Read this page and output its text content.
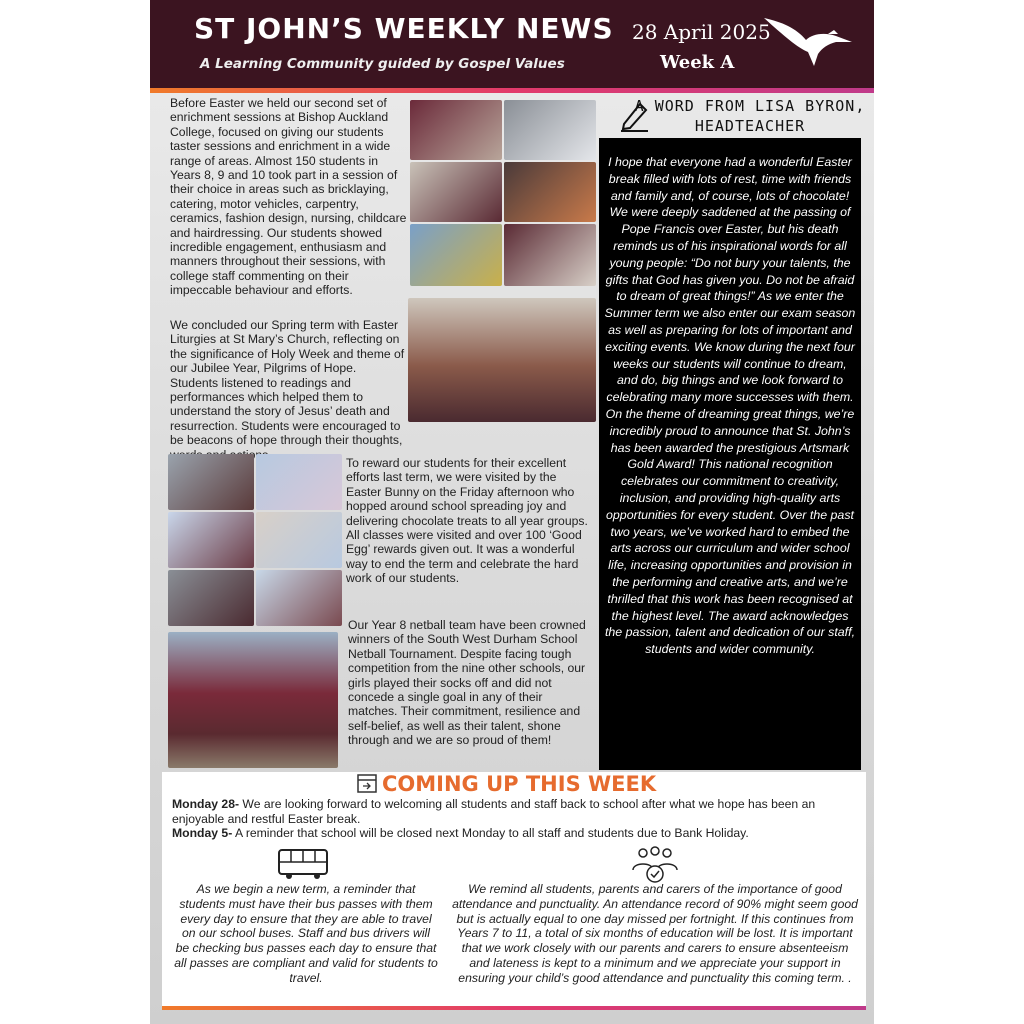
ST JOHN’S WEEKLY NEWS
A Learning Community guided by Gospel Values
28 April 2025
Week A
Before Easter we held our second set of enrichment sessions at Bishop Auckland College, focused on giving our students taster sessions and enrichment in a wide range of areas. Almost 150 students in Years 8, 9 and 10 took part in a session of their choice in areas such as bricklaying, catering, motor vehicles, carpentry, ceramics, fashion design, nursing, childcare and hairdressing. Our students showed incredible engagement, enthusiasm and manners throughout their sessions, with college staff commenting on their impeccable behaviour and efforts.
We concluded our Spring term with Easter Liturgies at St Mary’s Church, reflecting on the significance of Holy Week and theme of our Jubilee Year, Pilgrims of Hope. Students listened to readings and performances which helped them to understand the story of Jesus’ death and resurrection. Students were encouraged to be beacons of hope through their thoughts,
To reward our students for their excellent efforts last term, we were visited by the Easter Bunny on the Friday afternoon who hopped around school spreading joy and delivering chocolate treats to all year groups. All classes were visited and over 100 ‘Good Egg’ rewards given out. It was a wonderful way to end the term and celebrate the hard work of our students.
Our Year 8 netball team have been crowned winners of the South West Durham School Netball Tournament. Despite facing tough competition from the nine other schools, our girls played their socks off and did not concede a single goal in any of their matches. Their commitment, resilience and self-belief, as well as their talent, shone through and we are so proud of them!
A WORD FROM LISA BYRON,
HEADTEACHER
I hope that everyone had a wonderful Easter break filled with lots of rest, time with friends and family and, of course, lots of chocolate! We were deeply saddened at the passing of Pope Francis over Easter, but his death reminds us of his inspirational words for all young people: “Do not bury your talents, the gifts that God has given you. Do not be afraid to dream of great things!” As we enter the Summer term we also enter our exam season as well as preparing for lots of important and exciting events. We know during the next four weeks our students will continue to dream, and do, big things and we look forward to celebrating many more successes with them. On the theme of dreaming great things, we’re incredibly proud to announce that St. John’s has been awarded the prestigious Artsmark Gold Award! This national recognition celebrates our commitment to creativity, inclusion, and providing high-quality arts opportunities for every student. Over the past two years, we’ve worked hard to embed the arts across our curriculum and wider school life, increasing opportunities and provision in the performing and creative arts, and we’re thrilled that this work has been recognised at the highest level. The award acknowledges the passion, talent and dedication of our staff, students and wider community.
COMING UP THIS WEEK
Monday 28- We are looking forward to welcoming all students and staff back to school after what we hope has been an enjoyable and restful Easter break.
Monday 5- A reminder that school will be closed next Monday to all staff and students due to Bank Holiday.
As we begin a new term, a reminder that students must have their bus passes with them every day to ensure that they are able to travel on our school buses. Staff and bus drivers will be checking bus passes each day to ensure that all passes are compliant and valid for students to travel.
We remind all students, parents and carers of the importance of good attendance and punctuality. An attendance record of 90% might seem good but is actually equal to one day missed per fortnight. If this continues from Years 7 to 11, a total of six months of education will be lost. It is important that we work closely with our parents and carers to ensure absenteeism and lateness is kept to a minimum and we appreciate your support in ensuring your child’s good attendance and punctuality this coming term. .
